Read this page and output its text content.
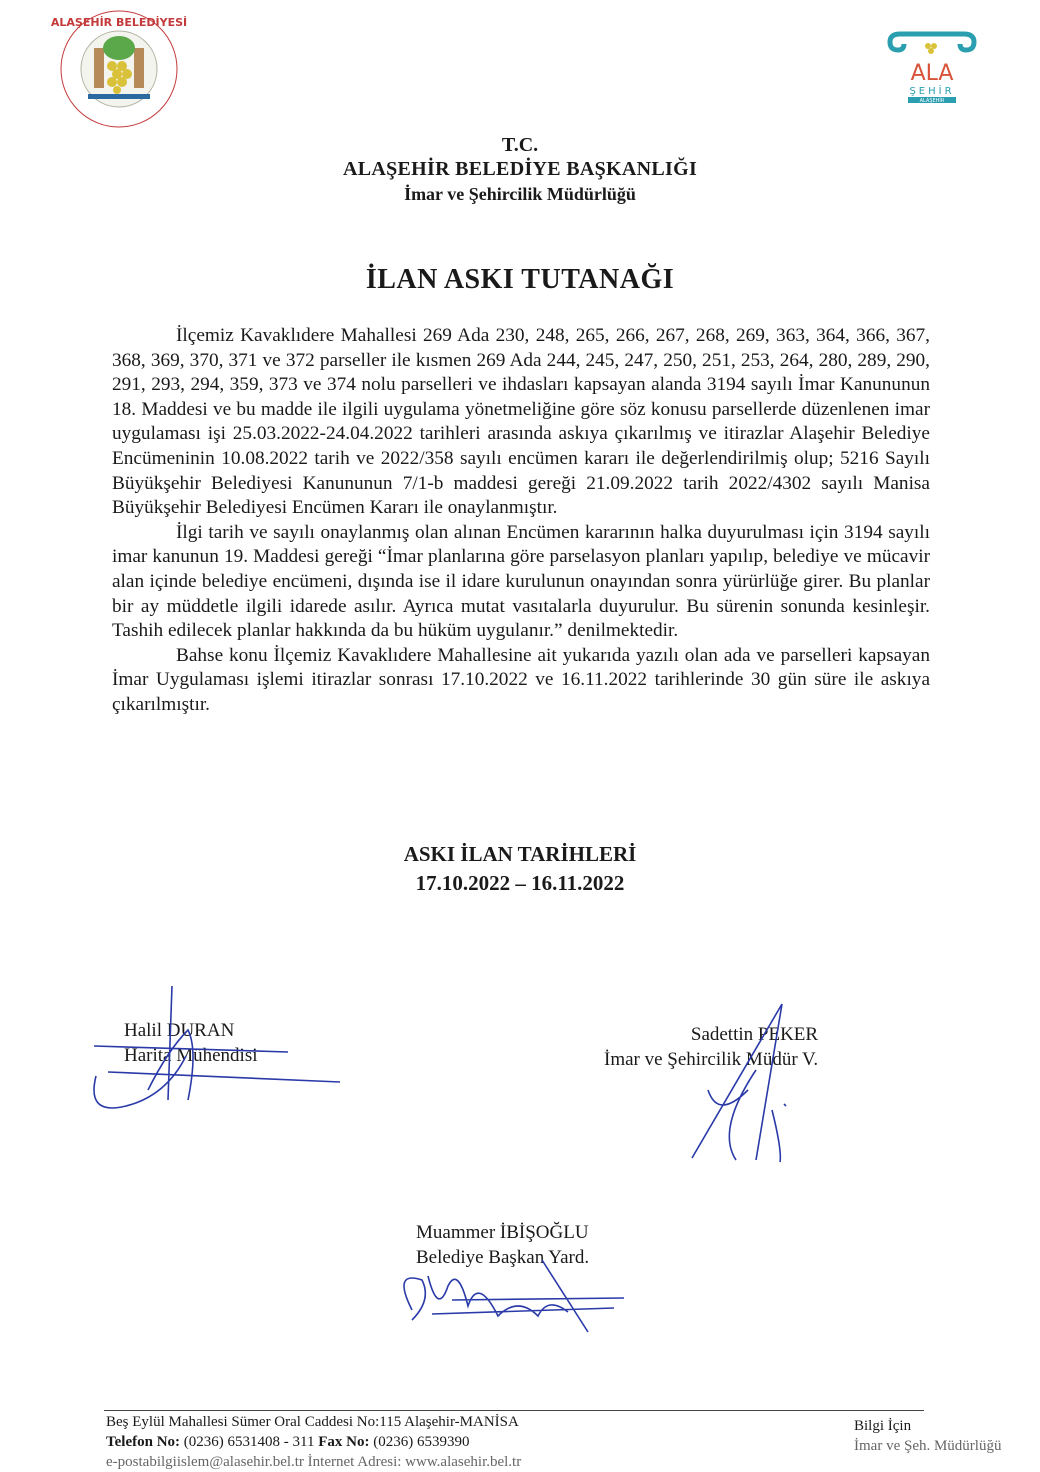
ALAŞEHİR BELEDİYESİ
ALA
ŞEHİR
ALAŞEHİR
T.C.
ALAŞEHİR BELEDİYE BAŞKANLIĞI
İmar ve Şehircilik Müdürlüğü
İLAN ASKI TUTANAĞI

İlçemiz Kavaklıdere Mahallesi 269 Ada 230, 248, 265, 266, 267, 268, 269, 363, 364, 366, 367, 368, 369, 370, 371 ve 372 parseller ile kısmen 269 Ada 244, 245, 247, 250, 251, 253, 264, 280, 289, 290, 291, 293, 294, 359, 373 ve 374 nolu parselleri ve ihdasları kapsayan alanda 3194 sayılı İmar Kanununun 18. Maddesi ve bu madde ile ilgili uygulama yönetmeliğine göre söz konusu parsellerde düzenlenen imar uygulaması işi 25.03.2022-24.04.2022 tarihleri arasında askıya çıkarılmış ve itirazlar Alaşehir Belediye Encümeninin 10.08.2022 tarih ve 2022/358 sayılı encümen kararı ile değerlendirilmiş olup; 5216 Sayılı Büyükşehir Belediyesi Kanununun 7/1-b maddesi gereği 21.09.2022 tarih 2022/4302 sayılı Manisa Büyükşehir Belediyesi Encümen Kararı ile onaylanmıştır.

İlgi tarih ve sayılı onaylanmış olan alınan Encümen kararının halka duyurulması için 3194 sayılı imar kanunun 19. Maddesi gereği “İmar planlarına göre parselasyon planları yapılıp, belediye ve mücavir alan içinde belediye encümeni, dışında ise il idare kurulunun onayından sonra yürürlüğe girer. Bu planlar bir ay müddetle ilgili idarede asılır. Ayrıca mutat vasıtalarla duyurulur. Bu sürenin sonunda kesinleşir. Tashih edilecek planlar hakkında da bu hüküm uygulanır.” denilmektedir.

Bahse konu İlçemiz Kavaklıdere Mahallesine ait yukarıda yazılı olan ada ve parselleri kapsayan İmar Uygulaması işlemi itirazlar sonrası 17.10.2022 ve 16.11.2022 tarihlerinde 30 gün süre ile askıya çıkarılmıştır.

ASKI İLAN TARİHLERİ
17.10.2022 – 16.11.2022
Halil DURAN
Harita Mühendisi
Sadettin PEKER
İmar ve Şehircilik Müdür V.
Muammer İBİŞOĞLU
Belediye Başkan Yard.
Beş Eylül Mahallesi Sümer Oral Caddesi No:115 Alaşehir-MANİSA
Telefon No: (0236) 6531408 - 311 Fax No: (0236) 6539390
e-postabilgiislem@alasehir.bel.tr İnternet Adresi: www.alasehir.bel.tr
Bilgi İçin
İmar ve Şeh. Müdürlüğü
